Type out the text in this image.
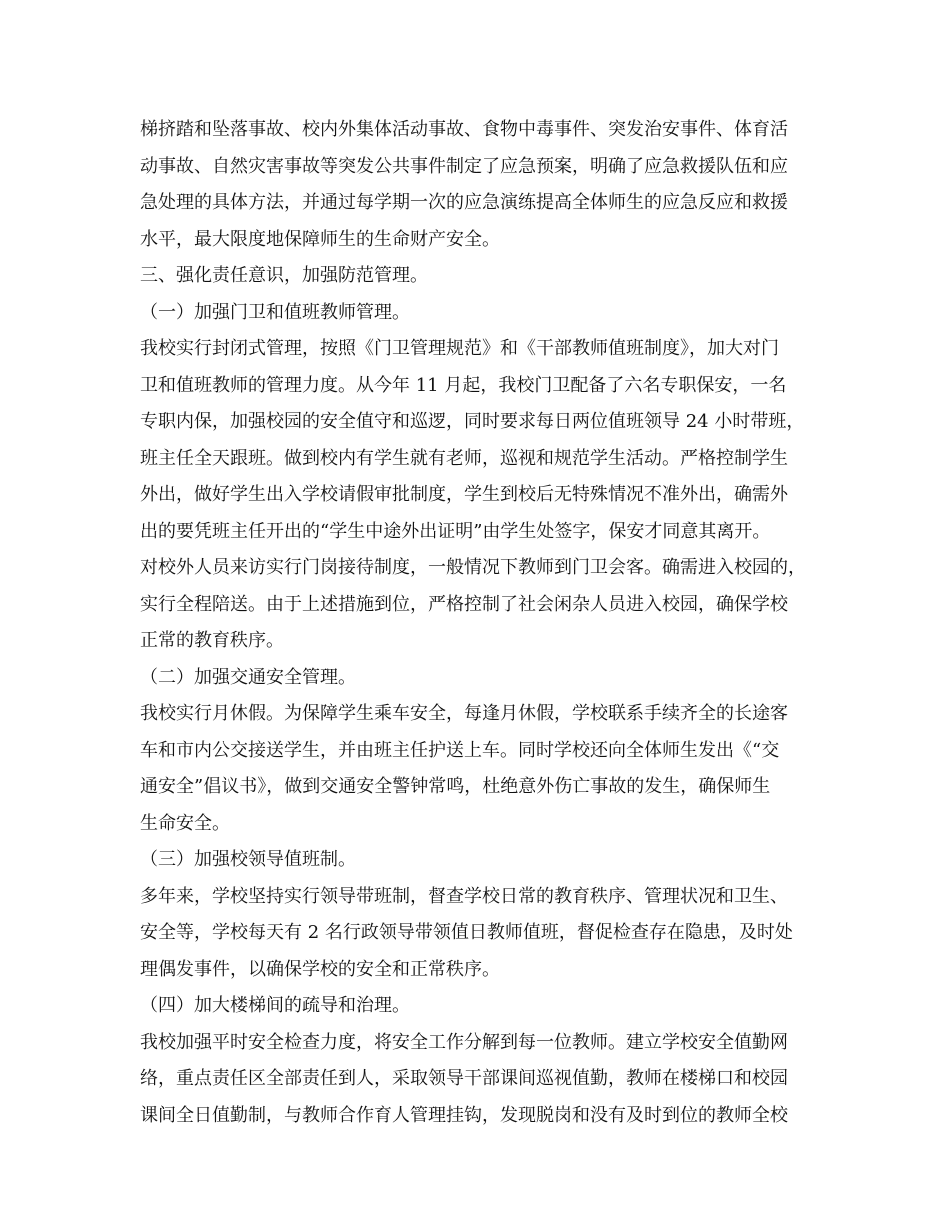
梯挤踏和坠落事故、校内外集体活动事故、食物中毒事件、突发治安事件、体育活
动事故、自然灾害事故等突发公共事件制定了应急预案，明确了应急救援队伍和应
急处理的具体方法，并通过每学期一次的应急演练提高全体师生的应急反应和救援
水平，最大限度地保障师生的生命财产安全。
三、强化责任意识，加强防范管理。
（一）加强门卫和值班教师管理。
我校实行封闭式管理，按照《门卫管理规范》和《干部教师值班制度》，加大对门
卫和值班教师的管理力度。从今年 11 月起，我校门卫配备了六名专职保安，一名
专职内保，加强校园的安全值守和巡逻，同时要求每日两位值班领导 24 小时带班，
班主任全天跟班。做到校内有学生就有老师，巡视和规范学生活动。严格控制学生
外出，做好学生出入学校请假审批制度，学生到校后无特殊情况不准外出，确需外
出的要凭班主任开出的“学生中途外出证明”由学生处签字，保安才同意其离开。
对校外人员来访实行门岗接待制度，一般情况下教师到门卫会客。确需进入校园的，
实行全程陪送。由于上述措施到位，严格控制了社会闲杂人员进入校园，确保学校
正常的教育秩序。
（二）加强交通安全管理。
我校实行月休假。为保障学生乘车安全，每逢月休假，学校联系手续齐全的长途客
车和市内公交接送学生，并由班主任护送上车。同时学校还向全体师生发出《“交
通安全”倡议书》，做到交通安全警钟常鸣，杜绝意外伤亡事故的发生，确保师生
生命安全。
（三）加强校领导值班制。
多年来，学校坚持实行领导带班制，督查学校日常的教育秩序、管理状况和卫生、
安全等，学校每天有 2 名行政领导带领值日教师值班，督促检查存在隐患，及时处
理偶发事件，以确保学校的安全和正常秩序。
（四）加大楼梯间的疏导和治理。
我校加强平时安全检查力度，将安全工作分解到每一位教师。建立学校安全值勤网
络，重点责任区全部责任到人，采取领导干部课间巡视值勤，教师在楼梯口和校园
课间全日值勤制，与教师合作育人管理挂钩，发现脱岗和没有及时到位的教师全校
